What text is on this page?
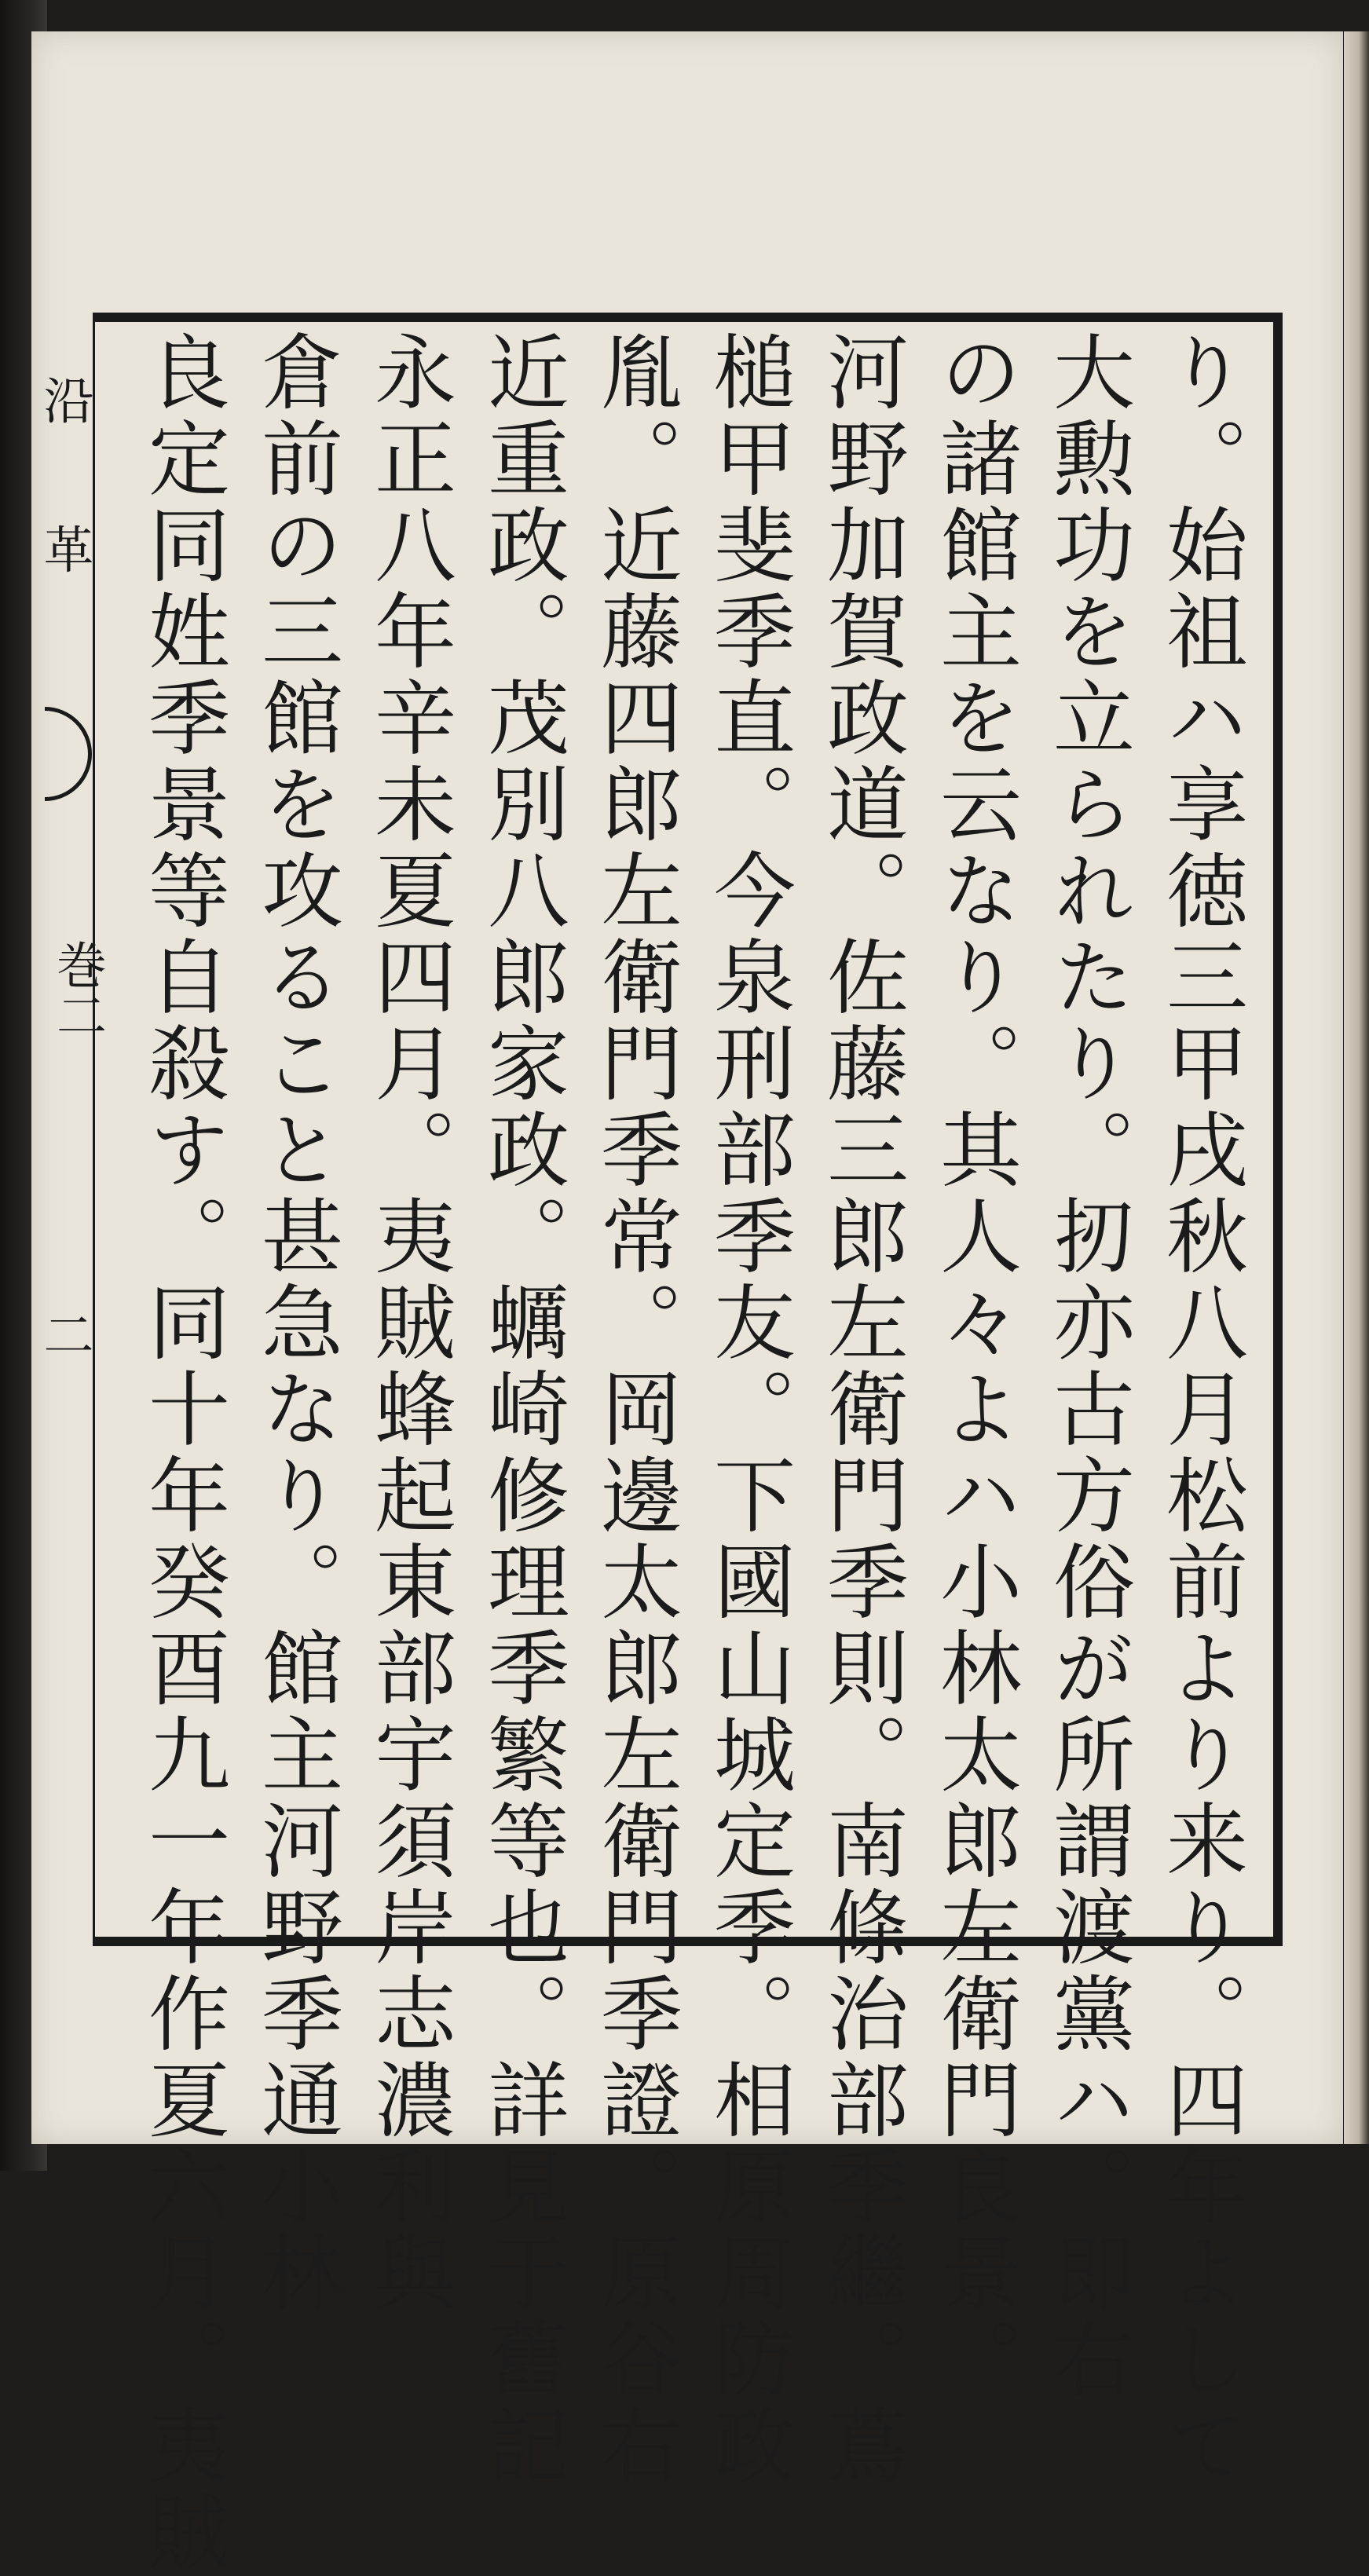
沿
革
巻二
二	り。始祖ハ享徳三甲戌秋八月松前より来り。四年よして
大勲功を立られたり。扨亦古方俗が所謂渡黨ハ。即右
の諸館主を云なり。其人々よハ小林太郎左衛門良景。
河野加賀政道。佐藤三郎左衛門季則。南條治部季繼。蔦
槌甲斐季直。今泉刑部季友。下國山城定季。相原周防政
胤。近藤四郎左衛門季常。岡邊太郎左衛門季證。原谷右
近重政。茂別八郎家政。蠣崎修理季繁等也。詳見于舊記
永正八年辛未夏四月。夷賊蜂起東部宇須岸志濃利與
倉前の三館を攻ること甚急なり。館主河野季通小林
良定同姓季景等自殺す。同十年癸酉九一年作夏六月。夷賊
